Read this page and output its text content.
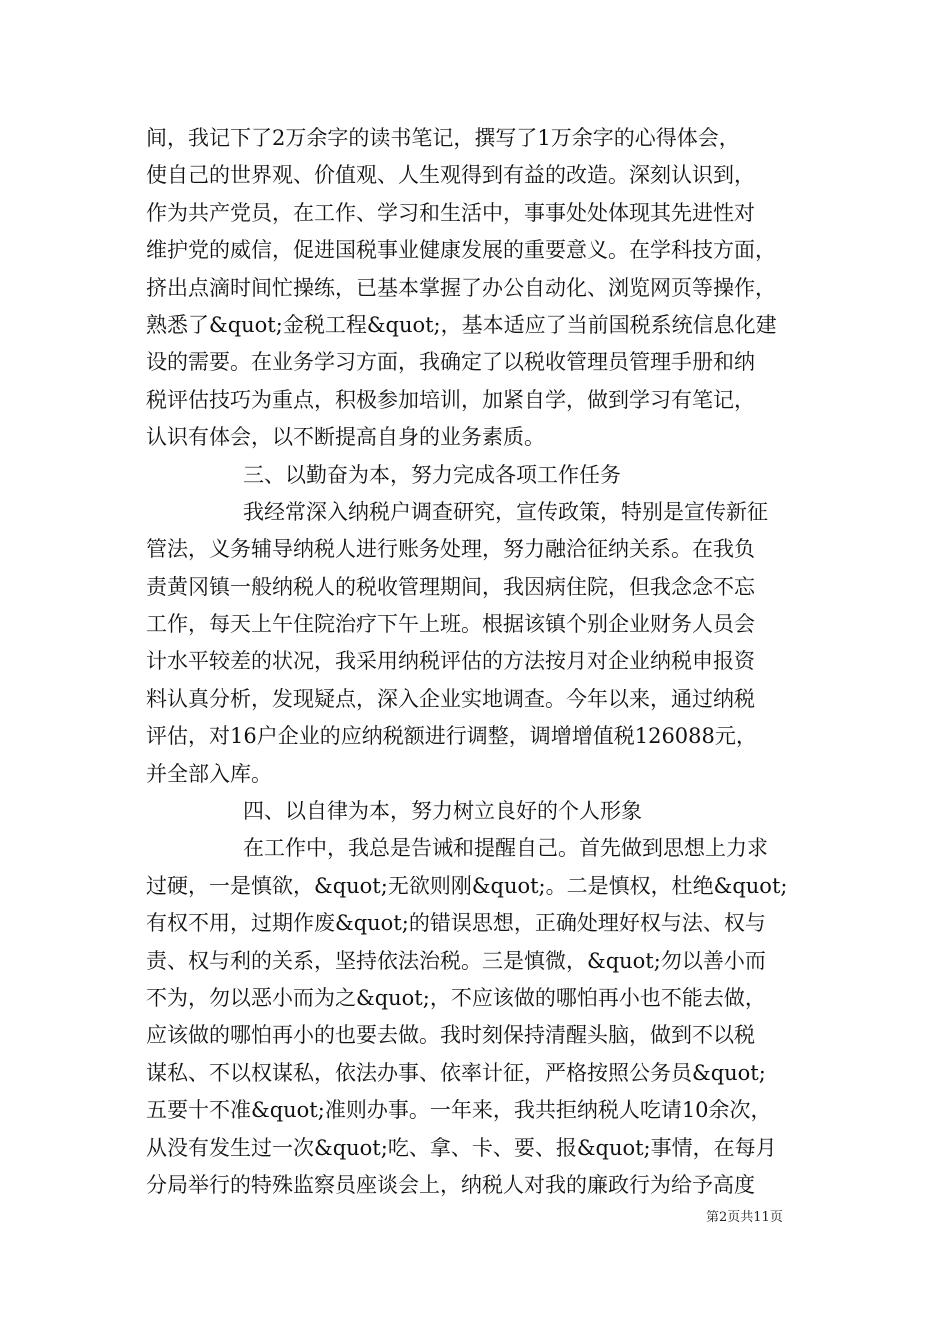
间，我记下了2万余字的读书笔记，撰写了1万余字的心得体会，
使自己的世界观、价值观、人生观得到有益的改造。深刻认识到，
作为共产党员，在工作、学习和生活中，事事处处体现其先进性对
维护党的威信，促进国税事业健康发展的重要意义。在学科技方面，
挤出点滴时间忙操练，已基本掌握了办公自动化、浏览网页等操作，
熟悉了&quot;金税工程&quot;，基本适应了当前国税系统信息化建
设的需要。在业务学习方面，我确定了以税收管理员管理手册和纳
税评估技巧为重点，积极参加培训，加紧自学，做到学习有笔记，
认识有体会，以不断提高自身的业务素质。
三、以勤奋为本，努力完成各项工作任务
我经常深入纳税户调查研究，宣传政策，特别是宣传新征
管法，义务辅导纳税人进行账务处理，努力融洽征纳关系。在我负
责黄冈镇一般纳税人的税收管理期间，我因病住院，但我念念不忘
工作，每天上午住院治疗下午上班。根据该镇个别企业财务人员会
计水平较差的状况，我采用纳税评估的方法按月对企业纳税申报资
料认真分析，发现疑点，深入企业实地调查。今年以来，通过纳税
评估，对16户企业的应纳税额进行调整，调增增值税126088元，
并全部入库。
四、以自律为本，努力树立良好的个人形象
在工作中，我总是告诫和提醒自己。首先做到思想上力求
过硬，一是慎欲，&quot;无欲则刚&quot;。二是慎权，杜绝&quot;
有权不用，过期作废&quot;的错误思想，正确处理好权与法、权与
责、权与利的关系，坚持依法治税。三是慎微，&quot;勿以善小而
不为，勿以恶小而为之&quot;，不应该做的哪怕再小也不能去做，
应该做的哪怕再小的也要去做。我时刻保持清醒头脑，做到不以税
谋私、不以权谋私，依法办事、依率计征，严格按照公务员&quot;
五要十不准&quot;准则办事。一年来，我共拒纳税人吃请10余次，
从没有发生过一次&quot;吃、拿、卡、要、报&quot;事情，在每月
分局举行的特殊监察员座谈会上，纳税人对我的廉政行为给予高度
第2页共11页
